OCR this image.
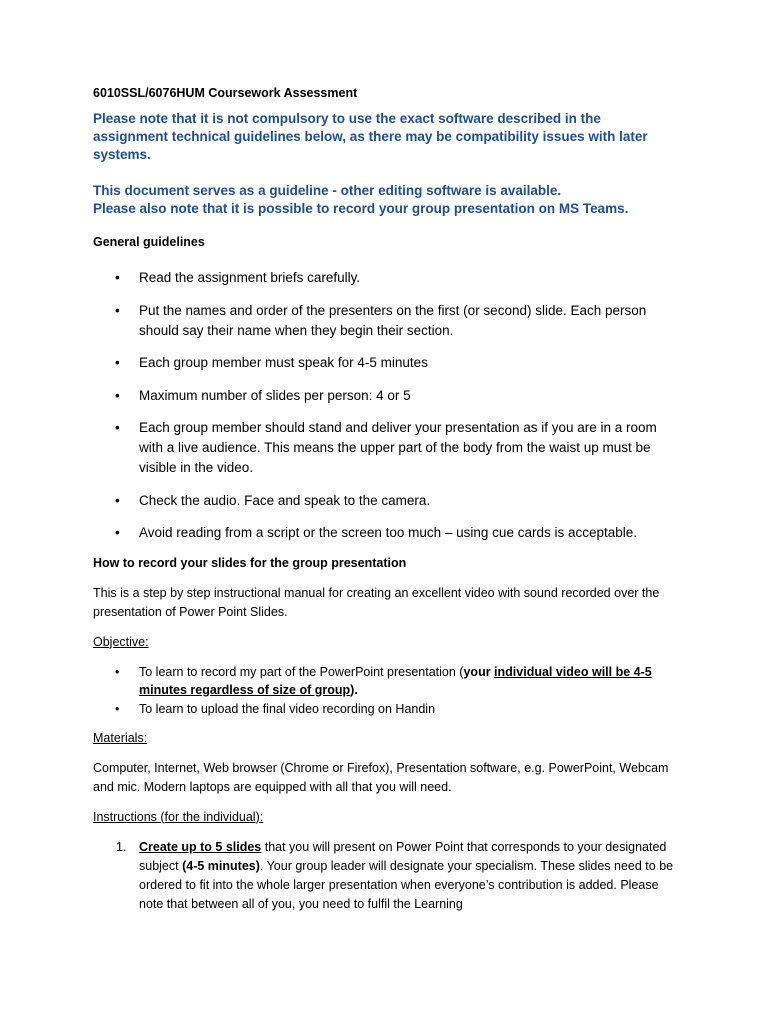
6010SSL/6076HUM Coursework Assessment

Please note that it is not compulsory to use the exact software described in the assignment technical guidelines below, as there may be compatibility issues with later systems.

This document serves as a guideline - other editing software is available.

Please also note that it is possible to record your group presentation on MS Teams.

General guidelines

• Read the assignment briefs carefully.
• Put the names and order of the presenters on the first (or second) slide. Each person should say their name when they begin their section.
• Each group member must speak for 4-5 minutes
• Maximum number of slides per person: 4 or 5
• Each group member should stand and deliver your presentation as if you are in a room with a live audience. This means the upper part of the body from the waist up must be visible in the video.
• Check the audio. Face and speak to the camera.
• Avoid reading from a script or the screen too much – using cue cards is acceptable.

How to record your slides for the group presentation

This is a step by step instructional manual for creating an excellent video with sound recorded over the presentation of Power Point Slides.

Objective:

• To learn to record my part of the PowerPoint presentation (your individual video will be 4-5 minutes regardless of size of group).
• To learn to upload the final video recording on Handin

Materials:

Computer, Internet, Web browser (Chrome or Firefox), Presentation software, e.g. PowerPoint, Webcam and mic. Modern laptops are equipped with all that you will need.

Instructions (for the individual):

1. Create up to 5 slides that you will present on Power Point that corresponds to your designated subject (4-5 minutes). Your group leader will designate your specialism. These slides need to be ordered to fit into the whole larger presentation when everyone’s contribution is added. Please note that between all of you, you need to fulfil the Learning
